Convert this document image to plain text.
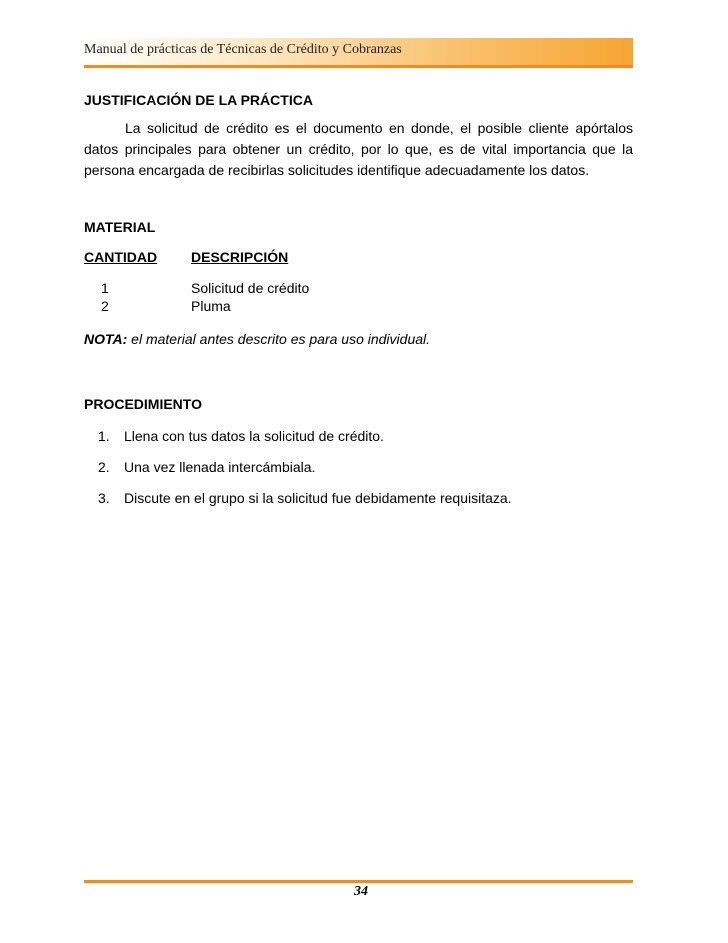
Manual de prácticas de Técnicas de Crédito y Cobranzas
JUSTIFICACIÓN DE LA PRÁCTICA
La solicitud de crédito es el documento en donde, el posible cliente apórtalos datos principales para obtener un crédito, por lo que, es de vital importancia que la persona encargada de recibirlas solicitudes identifique adecuadamente los datos.
MATERIAL
CANTIDAD DESCRIPCIÓN
1	Solicitud de crédito
2	Pluma
NOTA: el material antes descrito es para uso individual.
PROCEDIMIENTO
1. Llena con tus datos la solicitud de crédito.
2. Una vez llenada intercámbiala.
3. Discute en el grupo si la solicitud fue debidamente requisitaza.
34
